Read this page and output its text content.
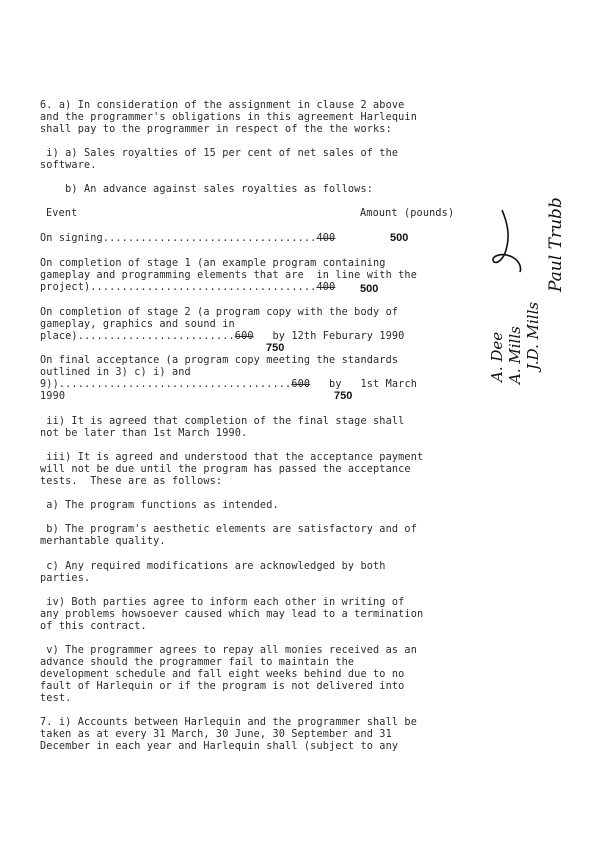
6. a) In consideration of the assignment in clause 2 above
and the programmer's obligations in this agreement Harlequin
shall pay to the programmer in respect of the the works:
i) a) Sales royalties of 15 per cent of net sales of the
software.
b) An advance against sales royalties as follows:
Event	Amount (pounds)
On signing..................................400	500
On completion of stage 1 (an example program containing
gameplay and programming elements that are  in line with the
project)....................................400 500
On completion of stage 2 (a program copy with the body of
gameplay, graphics and sound in
place).........................600   by 12th Feburary 1990
750
On final acceptance (a program copy meeting the standards
outlined in 3) c) i) and
9)).....................................600   by   1st March
750
1990
ii) It is agreed that completion of the final stage shall
not be later than 1st March 1990.
iii) It is agreed and understood that the acceptance payment
will not be due until the program has passed the acceptance
tests.  These are as follows:
a) The program functions as intended.
b) The program's aesthetic elements are satisfactory and of
merhantable quality.
c) Any required modifications are acknowledged by both
parties.
iv) Both parties agree to inform each other in writing of
any problems howsoever caused which may lead to a termination
of this contract.
v) The programmer agrees to repay all monies received as an
advance should the programmer fail to maintain the
development schedule and fall eight weeks behind due to no
fault of Harlequin or if the program is not delivered into
test.
7. i) Accounts between Harlequin and the programmer shall be
taken as at every 31 March, 30 June, 30 September and 31
December in each year and Harlequin shall (subject to any
A. Dee A. Mills J.D. Mills
Paul Trubb
